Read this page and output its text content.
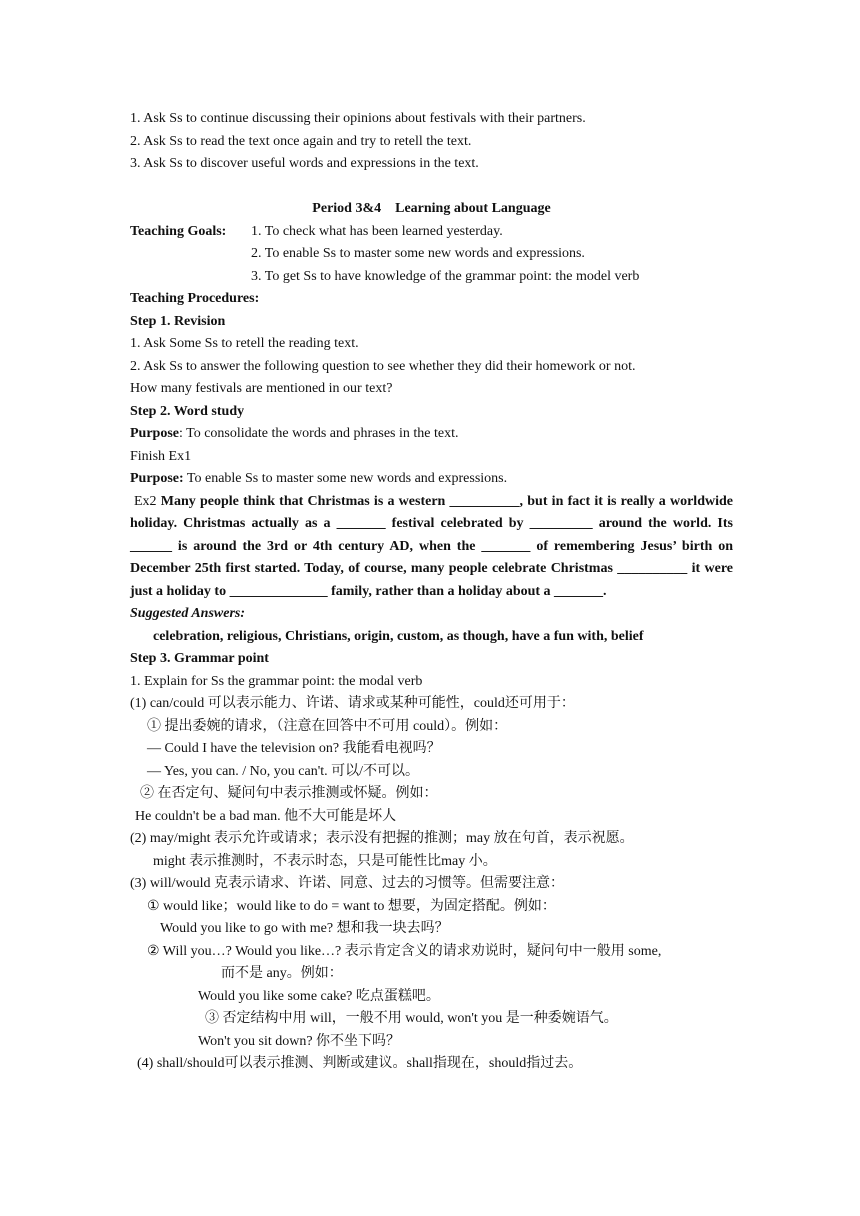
1. Ask Ss to continue discussing their opinions about festivals with their partners.
2. Ask Ss to read the text once again and try to retell the text.
3. Ask Ss to discover useful words and expressions in the text.
Period 3&4    Learning about Language
Teaching Goals: 1. To check what has been learned yesterday.
2. To enable Ss to master some new words and expressions.
3. To get Ss to have knowledge of the grammar point: the model verb
Teaching Procedures:
Step 1. Revision
1. Ask Some Ss to retell the reading text.
2. Ask Ss to answer the following question to see whether they did their homework or not.
How many festivals are mentioned in our text?
Step 2. Word study
Purpose: To consolidate the words and phrases in the text.
Finish Ex1
Purpose: To enable Ss to master some new words and expressions.
Ex2 Many people think that Christmas is a western __________, but in fact it is really a worldwide holiday. Christmas actually as a _______ festival celebrated by _________ around the world. Its ______ is around the 3rd or 4th century AD, when the _______ of remembering Jesus’ birth on December 25th first started. Today, of course, many people celebrate Christmas __________ it were just a holiday to ______________ family, rather than a holiday about a _______.
Suggested Answers:
celebration, religious, Christians, origin, custom, as though, have a fun with, belief
Step 3. Grammar point
1. Explain for Ss the grammar point: the modal verb
(1) can/could 可以表示能力、许诺、请求或某种可能性，could还可用于：
① 提出委婉的请求，（注意在回答中不可用 could）。例如：
— Could I have the television on? 我能看电视吗？
— Yes, you can. / No, you can't. 可以/不可以。
② 在否定句、疑问句中表示推测或怀疑。例如：
He couldn't be a bad man. 他不大可能是坏人
(2) may/might 表示允许或请求；表示没有把握的推测；may 放在句首，表示祝愿。
might 表示推测时，不表示时态，只是可能性比may 小。
(3) will/would 克表示请求、许诺、同意、过去的习惯等。但需要注意：
① would like；would like to do = want to 想要，为固定搭配。例如：
Would you like to go with me? 想和我一块去吗？
② Will you…? Would you like…? 表示肯定含义的请求劝说时，疑问句中一般用 some,
而不是 any。例如：
Would you like some cake? 吃点蛋糕吧。
③ 否定结构中用 will，一般不用 would, won't you 是一种委婉语气。
Won't you sit down? 你不坐下吗？
(4) shall/should可以表示推测、判断或建议。shall指现在，should指过去。
